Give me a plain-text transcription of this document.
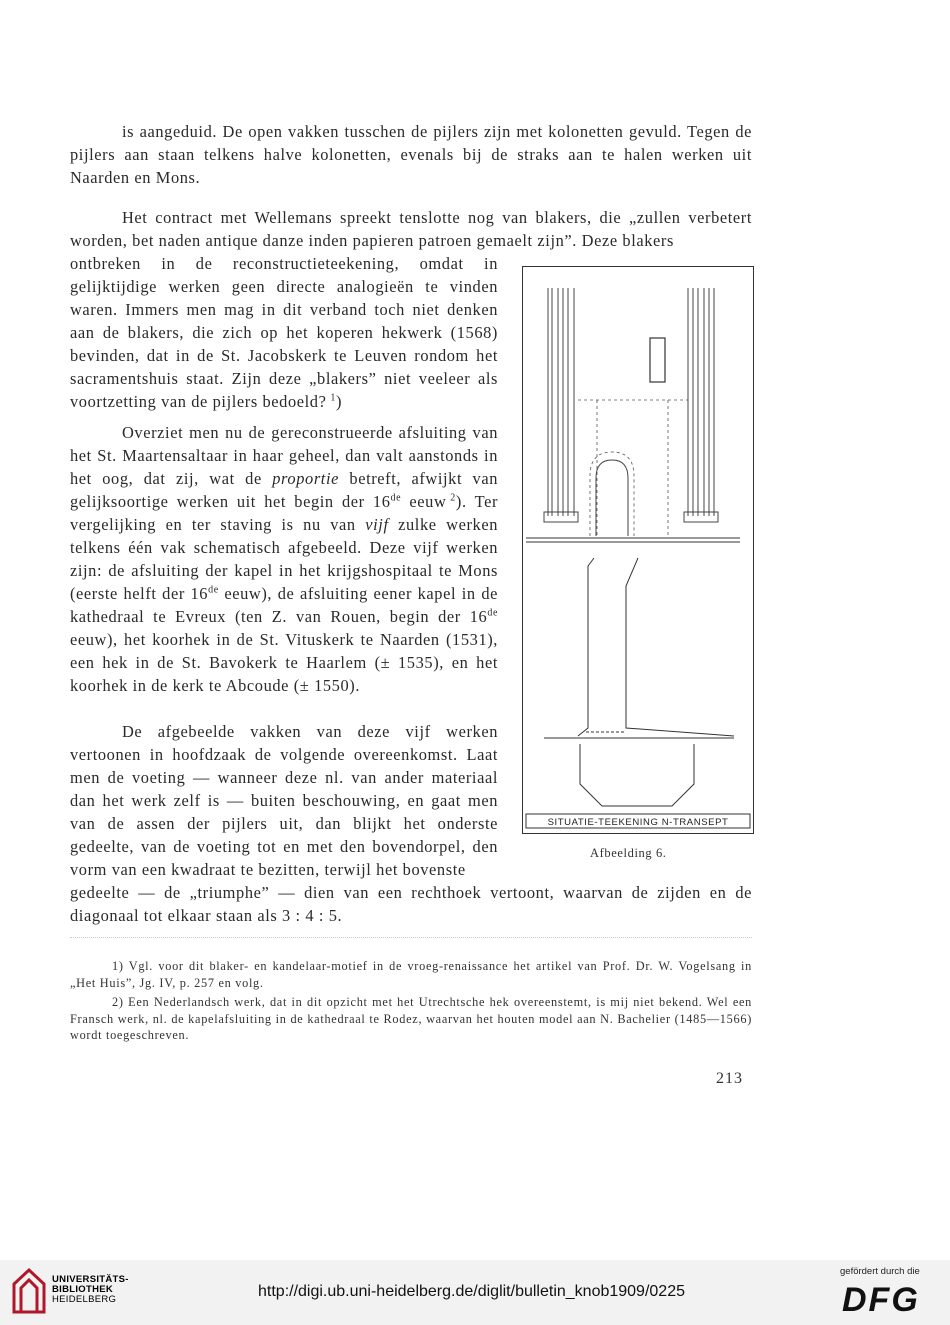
is aangeduid. De open vakken tusschen de pijlers zijn met kolonetten gevuld. Tegen de pijlers aan staan telkens halve kolonetten, evenals bij de straks aan te halen werken uit Naarden en Mons.
Het contract met Wellemans spreekt tenslotte nog van blakers, die „zullen verbetert worden, bet naden antique danze inden papieren patroen gemaelt zijn”. Deze blakers
ontbreken in de reconstructieteekening, omdat in gelijktijdige werken geen directe analogieën te vinden waren. Immers men mag in dit verband toch niet denken aan de blakers, die zich op het koperen hekwerk (1568) bevinden, dat in de St. Jacobskerk te Leuven rondom het sacramentshuis staat. Zijn deze „blakers” niet veeleer als voortzetting van de pijlers bedoeld?  $^1$)
Overziet men nu de gereconstrueerde afsluiting van het St. Maartensaltaar in haar geheel, dan valt aanstonds in het oog, dat zij, wat de proportie betreft, afwijkt van gelijksoortige werken uit het begin der 16de eeuw  $^2$). Ter vergelijking en ter staving is nu van vijf zulke werken telkens één vak schematisch afgebeeld. Deze vijf werken zijn: de afsluiting der kapel in het krijgshospitaal te Mons (eerste helft der 16de eeuw), de afsluiting eener kapel in de kathedraal te Evreux (ten Z. van Rouen, begin der 16de eeuw), het koorhek in de St. Vituskerk te Naarden (1531), een hek in de St. Bavokerk te Haarlem (± 1535), en het koorhek in de kerk te Abcoude (± 1550).
De afgebeelde vakken van deze vijf werken vertoonen in hoofdzaak de volgende overeenkomst. Laat men de voeting — wanneer deze nl. van ander materiaal dan het werk zelf is — buiten beschouwing, en gaat men van de assen der pijlers uit, dan blijkt het onderste gedeelte, van de voeting tot en met den bovendorpel, den vorm van een kwadraat te bezitten, terwijl het bovenste
gedeelte — de „triumphe” — dien van een rechthoek vertoont, waarvan de zijden en de diagonaal tot elkaar staan als 3 : 4 : 5.
SITUATIE-TEEKENING N-TRANSEPT
Afbeelding 6.
1) Vgl. voor dit blaker- en kandelaar-motief in de vroeg-renaissance het artikel van Prof. Dr. W. Vogelsang in „Het Huis”, Jg. IV, p. 257 en volg.
2) Een Nederlandsch werk, dat in dit opzicht met het Utrechtsche hek overeenstemt, is mij niet bekend. Wel een Fransch werk, nl. de kapelafsluiting in de kathedraal te Rodez, waarvan het houten model aan N. Bachelier (1485—1566) wordt toegeschreven.
213
UNIVERSITÄTS-
BIBLIOTHEK
HEIDELBERG	http://digi.ub.uni-heidelberg.de/diglit/bulletin_knob1909/0225
gefördert durch die
DFG
